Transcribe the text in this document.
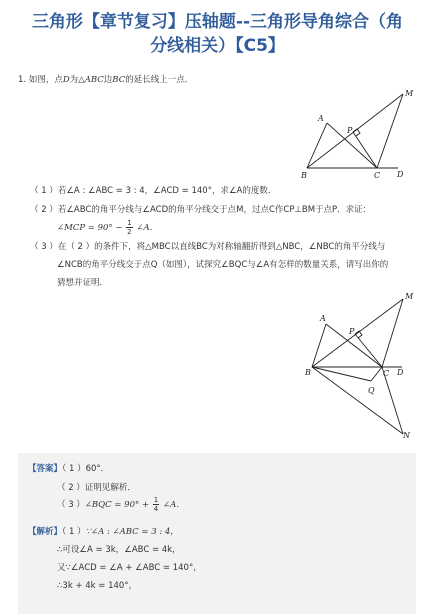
三角形【章节复习】压轴题--三角形导角综合（角
分线相关）【C5】
1. 如图，点D为△ABC边BC的延长线上一点．
M
A
P
B	C D
（ 1 ）若∠A : ∠ABC = 3 : 4，∠ACD = 140°，求∠A的度数．
（ 2 ）若∠ABC的角平分线与∠ACD的角平分线交于点M，过点C作CP⊥BM于点P．求证：
∠MCP = $90^\circ - \frac{1}{2}$ ∠A．
（ 3 ）在（ 2 ）的条件下，将△MBC以直线BC为对称轴翻折得到△NBC，∠NBC的角平分线与
∠NCB的角平分线交于点Q（如图），试探究∠BQC与∠A有怎样的数量关系，请写出你的
猜想并证明．
M
A
P
B	C D
Q
N
【答案】（ 1 ）60°．
（ 2 ）证明见解析．
（ 3 ）∠BQC = $90^\circ + \frac{1}{4}$ ∠A．
【解析】（ 1 ）∵∠A : ∠ABC = 3 : 4，
∴可设∠A = 3k，∠ABC = 4k，
又∵∠ACD = ∠A + ∠ABC = 140°，
∴3k + 4k = 140°，
